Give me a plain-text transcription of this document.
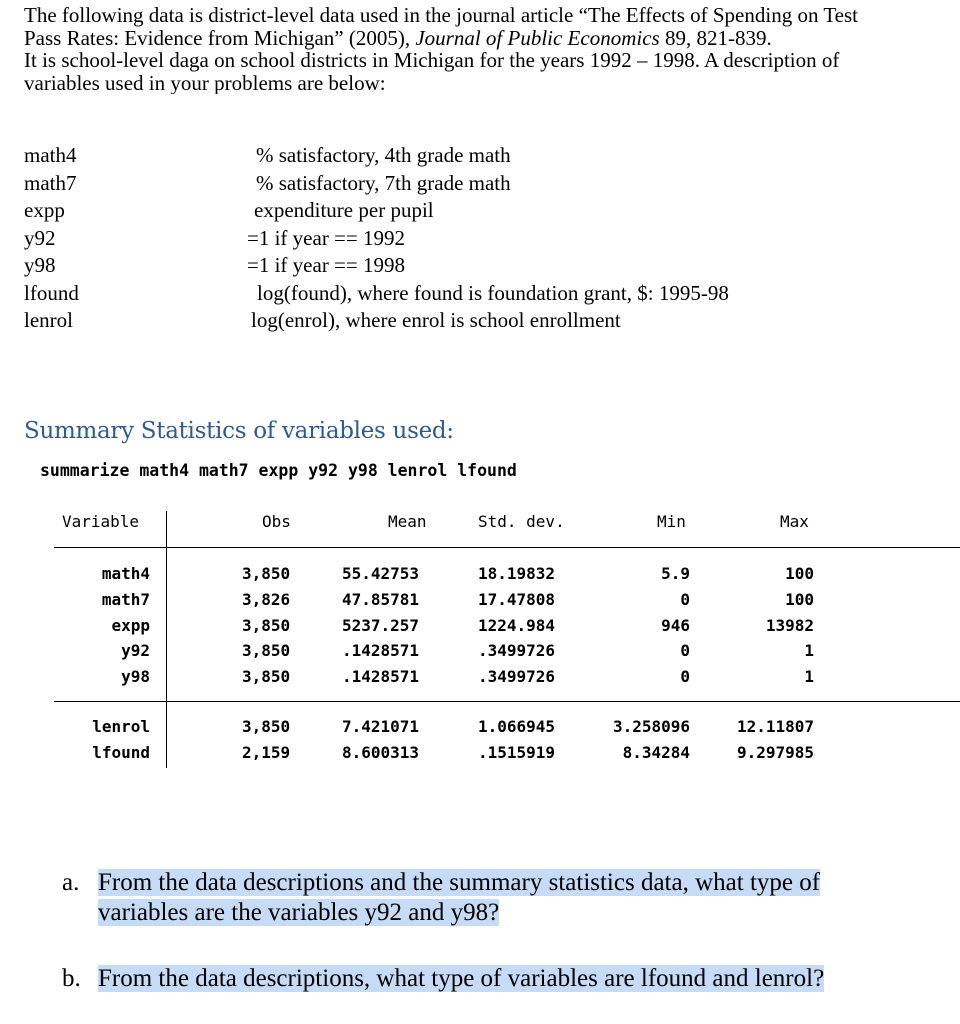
The following data is district-level data used in the journal article “The Effects of Spending on Test
Pass Rates: Evidence from Michigan” (2005), Journal of Public Economics 89, 821-839.
It is school-level daga on school districts in Michigan for the years 1992 – 1998. A description of
variables used in your problems are below:
math4	% satisfactory, 4th grade math
math7	% satisfactory, 7th grade math
expp	expenditure per pupil
y92	=1 if year == 1992
y98	=1 if year == 1998
lfound	log(found), where found is foundation grant, $: 1995-98
lenrol	log(enrol), where enrol is school enrollment
Summary Statistics of variables used:
summarize math4 math7 expp y92 y98 lenrol lfound
Variable	Obs	Mean	Std. dev.	Min	Max
math4	3,850	55.42753	18.19832	5.9	100
math7	3,826	47.85781	17.47808	0	100
expp	3,850	5237.257	1224.984	946	13982
y92	3,850	.1428571	.3499726	0	1
y98	3,850	.1428571	.3499726	0	1
lenrol	3,850	7.421071	1.066945	3.258096	12.11807
lfound	2,159	8.600313	.1515919	8.34284	9.297985
a. From the data descriptions and the summary statistics data, what type of
variables are the variables y92 and y98?
b. From the data descriptions, what type of variables are lfound and lenrol?
